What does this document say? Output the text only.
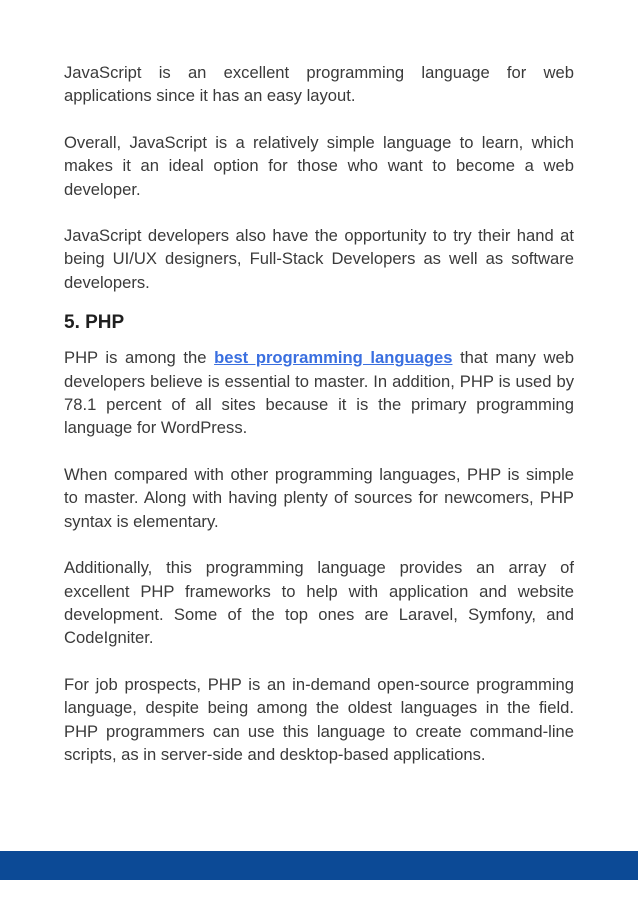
JavaScript is an excellent programming language for web applications since it has an easy layout.

Overall, JavaScript is a relatively simple language to learn, which makes it an ideal option for those who want to become a web developer.

JavaScript developers also have the opportunity to try their hand at being UI/UX designers, Full-Stack Developers as well as software developers.

5. PHP

PHP is among the best programming languages that many web developers believe is essential to master. In addition, PHP is used by 78.1 percent of all sites because it is the primary programming language for WordPress.

When compared with other programming languages, PHP is simple to master. Along with having plenty of sources for newcomers, PHP syntax is elementary.

Additionally, this programming language provides an array of excellent PHP frameworks to help with application and website development. Some of the top ones are Laravel, Symfony, and CodeIgniter.

For job prospects, PHP is an in-demand open-source programming language, despite being among the oldest languages in the field. PHP programmers can use this language to create command-line scripts, as in server-side and desktop-based applications.
